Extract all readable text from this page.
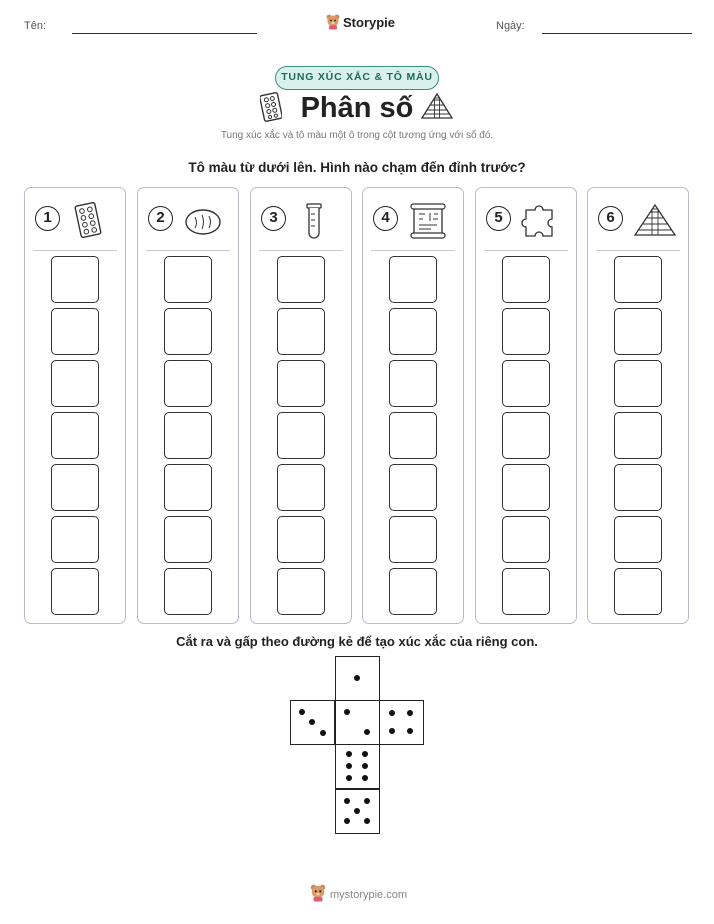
Tên:	Storypie	Ngày:
TUNG XÚC XẮC & TÔ MÀU
Phân số
Tung xúc xắc và tô màu một ô trong cột tương ứng với số đó.
Tô màu từ dưới lên. Hình nào chạm đến đỉnh trước?
1	2	3	4	5	6
Cắt ra và gấp theo đường kẻ để tạo xúc xắc của riêng con.
mystorypie.com
